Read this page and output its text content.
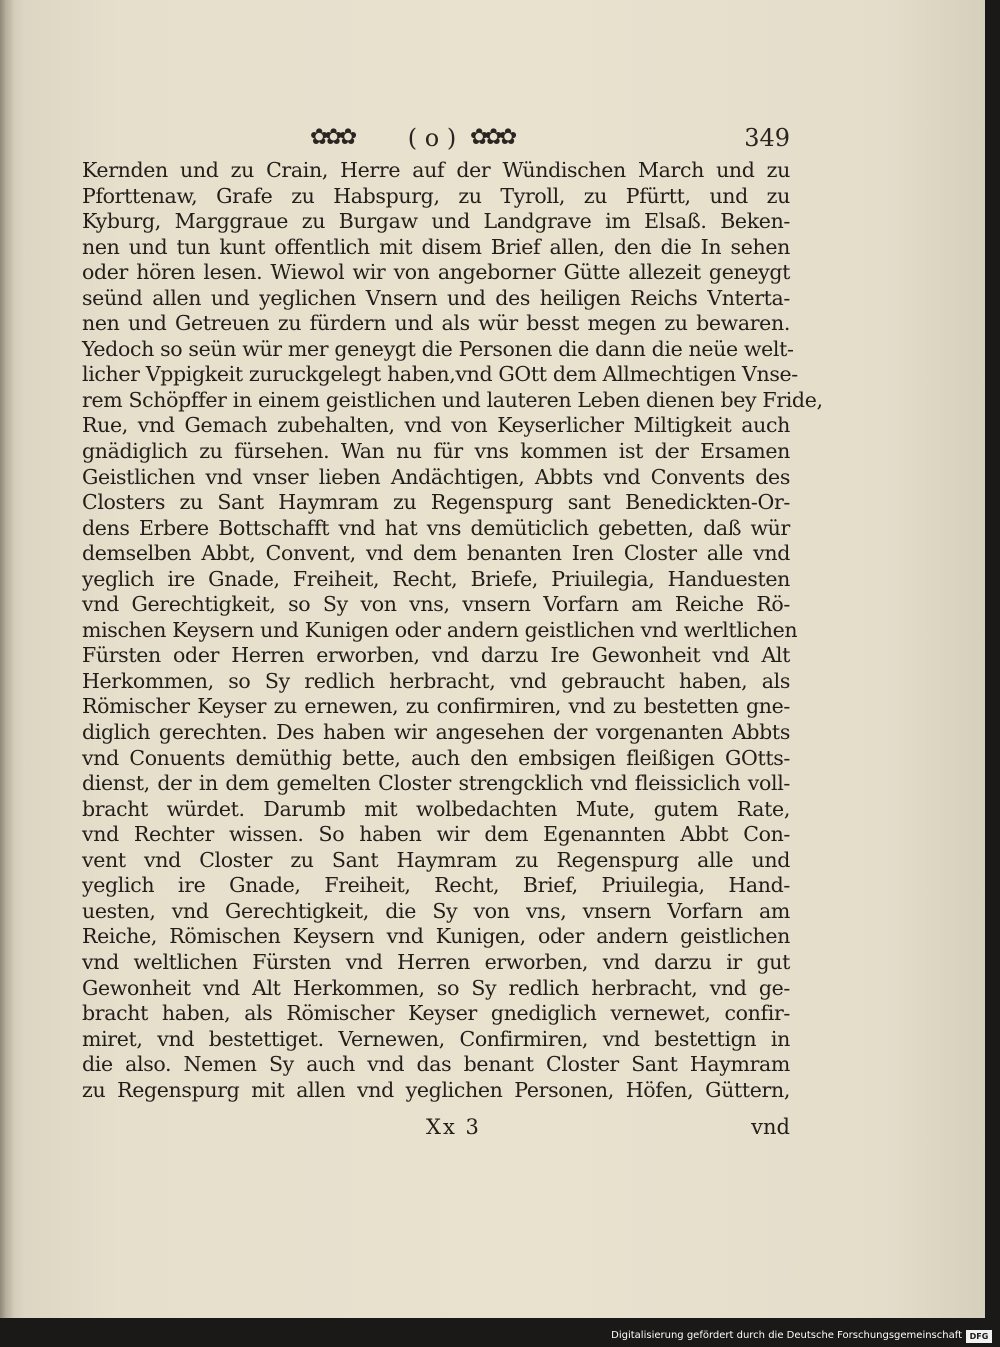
✿✿✿ ( o ) ✿✿✿	349
Kernden und zu Crain, Herre auf der Wündischen March und zu
Pforttenaw, Grafe zu Habspurg, zu Tyroll, zu Pfürtt, und zu
Kyburg, Marggraue zu Burgaw und Landgrave im Elsaß. Beken-
nen und tun kunt offentlich mit disem Brief allen, den die In sehen
oder hören lesen. Wiewol wir von angeborner Gütte allezeit geneygt
seünd allen und yeglichen Vnsern und des heiligen Reichs Vnterta-
nen und Getreuen zu fürdern und als wür besst megen zu bewaren.
Yedoch so seün wür mer geneygt die Personen die dann die neüe welt-
licher Vppigkeit zuruckgelegt haben,vnd GOtt dem Allmechtigen Vnse-
rem Schöpffer in einem geistlichen und lauteren Leben dienen bey Fride,
Rue, vnd Gemach zubehalten, vnd von Keyserlicher Miltigkeit auch
gnädiglich zu fürsehen. Wan nu für vns kommen ist der Ersamen
Geistlichen vnd vnser lieben Andächtigen, Abbts vnd Convents des
Closters zu Sant Haymram zu Regenspurg sant Benedickten-Or-
dens Erbere Bottschafft vnd hat vns demüticlich gebetten, daß wür
demselben Abbt, Convent, vnd dem benanten Iren Closter alle vnd
yeglich ire Gnade, Freiheit, Recht, Briefe, Priuilegia, Handuesten
vnd Gerechtigkeit, so Sy von vns, vnsern Vorfarn am Reiche Rö-
mischen Keysern und Kunigen oder andern geistlichen vnd werltlichen
Fürsten oder Herren erworben, vnd darzu Ire Gewonheit vnd Alt
Herkommen, so Sy redlich herbracht, vnd gebraucht haben, als
Römischer Keyser zu ernewen, zu confirmiren, vnd zu bestetten gne-
diglich gerechten. Des haben wir angesehen der vorgenanten Abbts
vnd Conuents demüthig bette, auch den embsigen fleißigen GOtts-
dienst, der in dem gemelten Closter strengcklich vnd fleissiclich voll-
bracht würdet. Darumb mit wolbedachten Mute, gutem Rate,
vnd Rechter wissen. So haben wir dem Egenannten Abbt Con-
vent vnd Closter zu Sant Haymram zu Regenspurg alle und
yeglich ire Gnade, Freiheit, Recht, Brief, Priuilegia, Hand-
uesten, vnd Gerechtigkeit, die Sy von vns, vnsern Vorfarn am
Reiche, Römischen Keysern vnd Kunigen, oder andern geistlichen
vnd weltlichen Fürsten vnd Herren erworben, vnd darzu ir gut
Gewonheit vnd Alt Herkommen, so Sy redlich herbracht, vnd ge-
bracht haben, als Römischer Keyser gnediglich vernewet, confir-
miret, vnd bestettiget. Vernewen, Confirmiren, vnd bestettign in
die also. Nemen Sy auch vnd das benant Closter Sant Haymram
zu Regenspurg mit allen vnd yeglichen Personen, Höfen, Güttern,
Xx 3	vnd
Digitalisierung gefördert durch die Deutsche Forschungsgemeinschaft DFG
